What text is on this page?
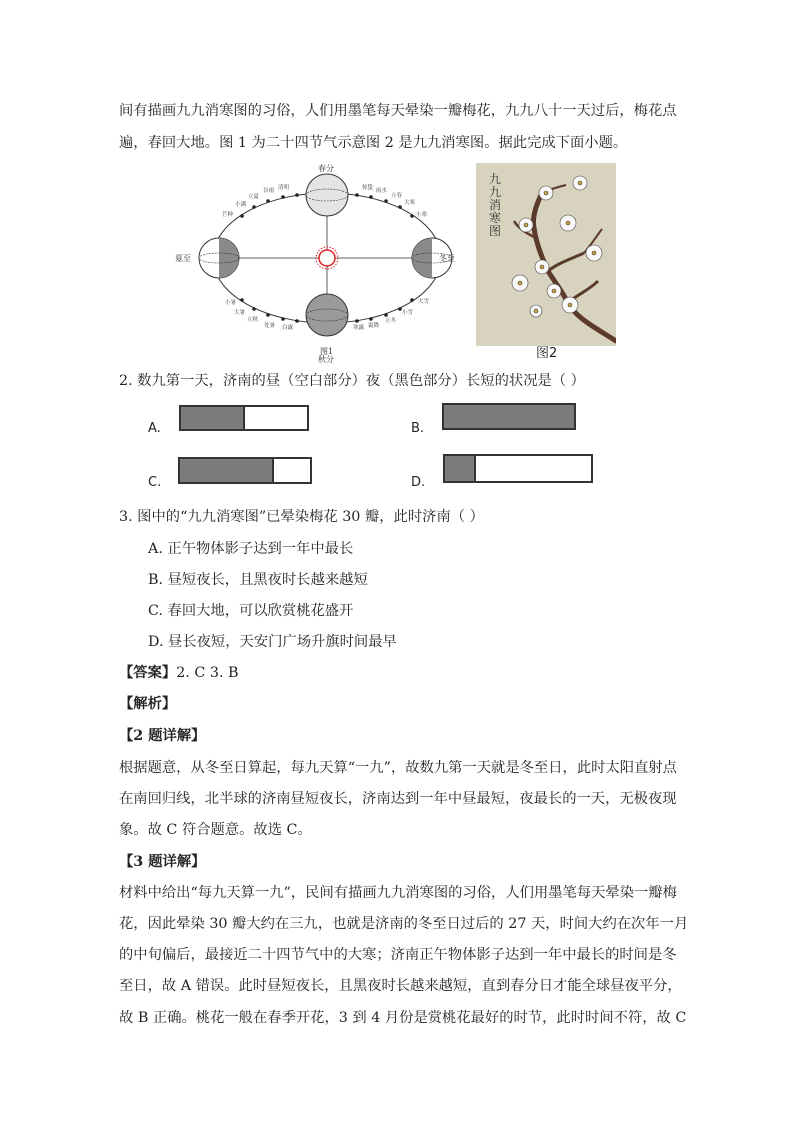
间有描画九九消寒图的习俗，人们用墨笔每天晕染一瓣梅花，九九八十一天过后，梅花点
遍，春回大地。图 1 为二十四节气示意图 2 是九九消寒图。据此完成下面小题。
夏至	冬至
春分
秋分
图1
清明
谷雨
立夏
小满
芒种
惊蛰 雨水
立春
大寒
小寒
小暑
大暑
立秋
处暑 白露	寒露 霜降
立冬
小雪
大雪
九九消寒图
图2
2. 数九第一天，济南的昼（空白部分）夜（黑色部分）长短的状况是（ ）
A.	B.
C.	D.
3. 图中的“九九消寒图”已晕染梅花 30 瓣，此时济南（ ）
A. 正午物体影子达到一年中最长
B. 昼短夜长，且黑夜时长越来越短
C. 春回大地，可以欣赏桃花盛开
D. 昼长夜短，天安门广场升旗时间最早
【答案】2. C 3. B
【解析】
【2 题详解】
根据题意，从冬至日算起，每九天算“一九”，故数九第一天就是冬至日，此时太阳直射点
在南回归线，北半球的济南昼短夜长，济南达到一年中昼最短，夜最长的一天，无极夜现
象。故 C 符合题意。故选 C。
【3 题详解】
材料中给出“每九天算一九”，民间有描画九九消寒图的习俗，人们用墨笔每天晕染一瓣梅
花，因此晕染 30 瓣大约在三九，也就是济南的冬至日过后的 27 天，时间大约在次年一月
的中旬偏后，最接近二十四节气中的大寒；济南正午物体影子达到一年中最长的时间是冬
至日，故 A 错误。此时昼短夜长，且黑夜时长越来越短，直到春分日才能全球昼夜平分，
故 B 正确。桃花一般在春季开花，3 到 4 月份是赏桃花最好的时节，此时时间不符，故 C
